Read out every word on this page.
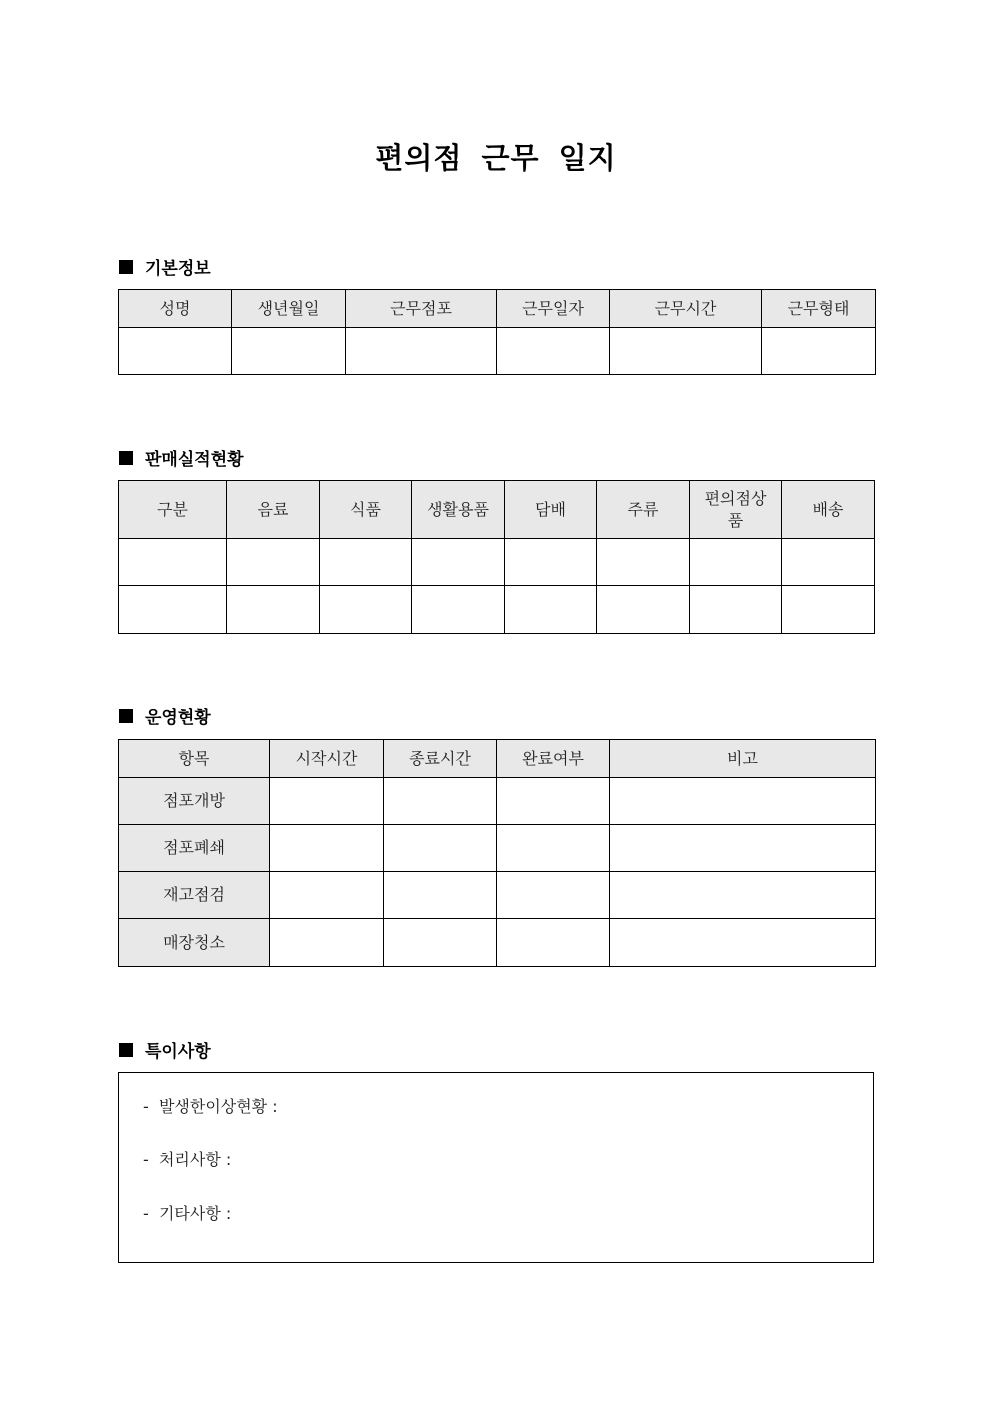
편의점 근무 일지
기본정보
성명	생년월일	근무점포	근무일자	근무시간	근무형태

판매실적현황
구분	음료	식품	생활용품	담배	주류	편의점상품	배송

운영현황
항목	시작시간	종료시간	완료여부	비고
점포개방				
점포폐쇄				
재고점검				
매장청소				
특이사항
-  발생한이상현황 :
-  처리사항 :
-  기타사항 :
